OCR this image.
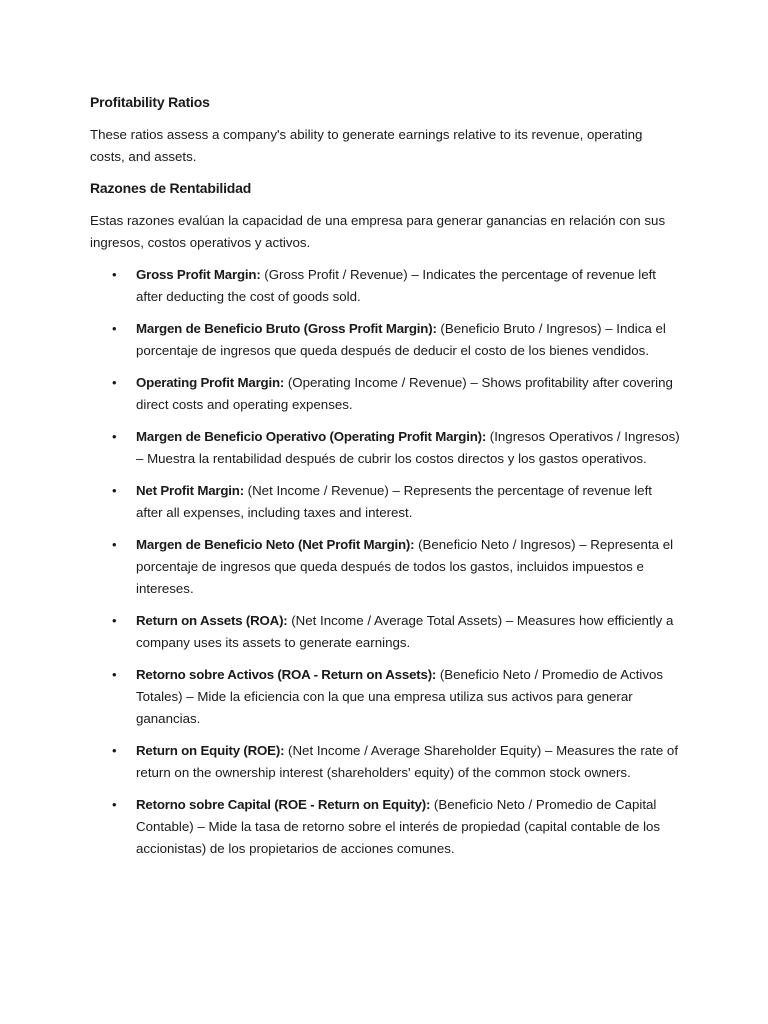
Profitability Ratios

These ratios assess a company's ability to generate earnings relative to its revenue, operating costs, and assets.

Razones de Rentabilidad

Estas razones evalúan la capacidad de una empresa para generar ganancias en relación con sus ingresos, costos operativos y activos.

• Gross Profit Margin: (Gross Profit / Revenue) – Indicates the percentage of revenue left after deducting the cost of goods sold.
• Margen de Beneficio Bruto (Gross Profit Margin): (Beneficio Bruto / Ingresos) – Indica el porcentaje de ingresos que queda después de deducir el costo de los bienes vendidos.
• Operating Profit Margin: (Operating Income / Revenue) – Shows profitability after covering direct costs and operating expenses.
• Margen de Beneficio Operativo (Operating Profit Margin): (Ingresos Operativos / Ingresos) – Muestra la rentabilidad después de cubrir los costos directos y los gastos operativos.
• Net Profit Margin: (Net Income / Revenue) – Represents the percentage of revenue left after all expenses, including taxes and interest.
• Margen de Beneficio Neto (Net Profit Margin): (Beneficio Neto / Ingresos) – Representa el porcentaje de ingresos que queda después de todos los gastos, incluidos impuestos e intereses.
• Return on Assets (ROA): (Net Income / Average Total Assets) – Measures how efficiently a company uses its assets to generate earnings.
• Retorno sobre Activos (ROA - Return on Assets): (Beneficio Neto / Promedio de Activos Totales) – Mide la eficiencia con la que una empresa utiliza sus activos para generar ganancias.
• Return on Equity (ROE): (Net Income / Average Shareholder Equity) – Measures the rate of return on the ownership interest (shareholders' equity) of the common stock owners.
• Retorno sobre Capital (ROE - Return on Equity): (Beneficio Neto / Promedio de Capital Contable) – Mide la tasa de retorno sobre el interés de propiedad (capital contable de los accionistas) de los propietarios de acciones comunes.
